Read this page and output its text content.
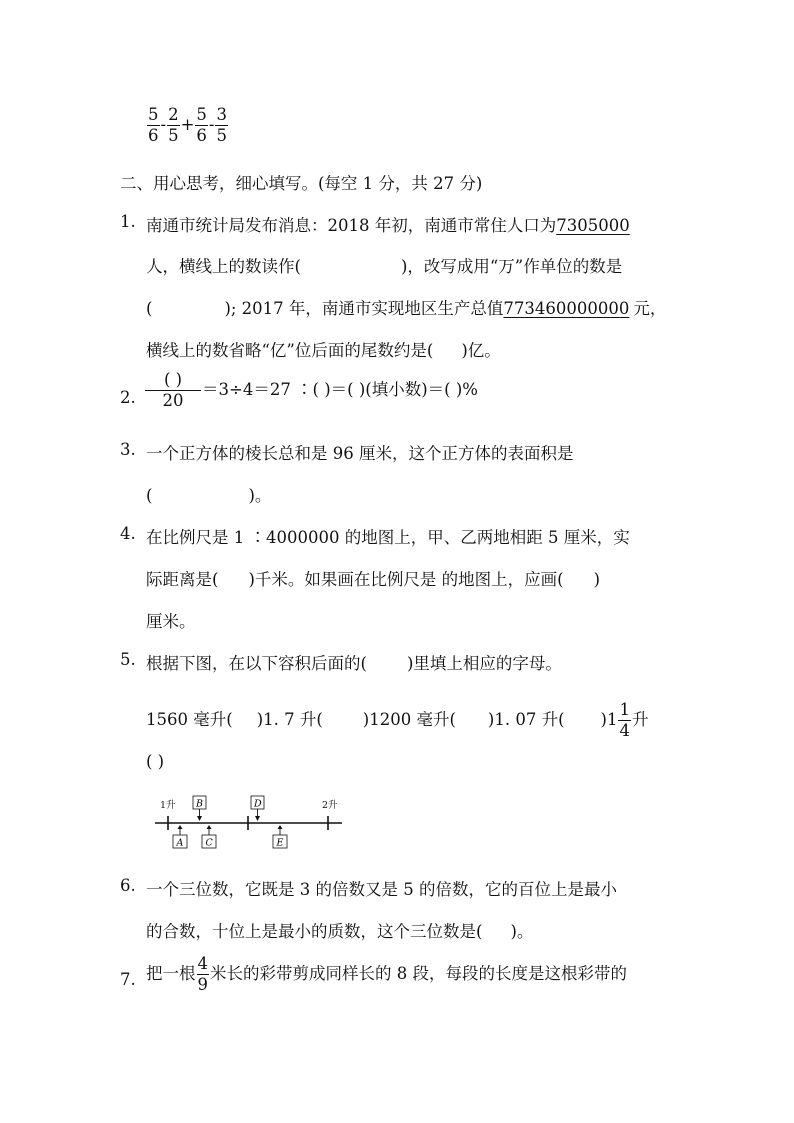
$\frac{5}{6} - \frac{2}{5} + \frac{5}{6} - \frac{3}{5}$
二、用心思考，细心填写。(每空 1 分，共 27 分)
1. 南通市统计局发布消息：2018 年初，南通市常住人口为7305000
人，横线上的数读作(	)，改写成用“万”作单位的数是
(	); 2017 年，南通市实现地区生产总值773460000000 元，
横线上的数省略“亿”位后面的尾数约是( )亿。
2. $\frac{( )}{20} =3\div 4=27$ ∶( )＝( )(填小数)＝( )%
3. 一个正方体的棱长总和是 96 厘米，这个正方体的表面积是
(	)。
4. 在比例尺是 1 ∶4000000 的地图上，甲、乙两地相距 5 厘米，实
际距离是( )千米。如果画在比例尺是 的地图上，应画( )
厘米。
5. 根据下图，在以下容积后面的( )里填上相应的字母。
1560 毫升( )1. 7 升( )1200 毫升( )1. 07 升( )$1 \frac{1}{4}$ 升
( )
1升	2升
B	D
A C	E
6. 一个三位数，它既是 3 的倍数又是 5 的倍数，它的百位上是最小
的合数，十位上是最小的质数，这个三位数是( )。
7. 把一根 $\frac{4}{9}$ 米长的彩带剪成同样长的 8 段，每段的长度是这根彩带的
